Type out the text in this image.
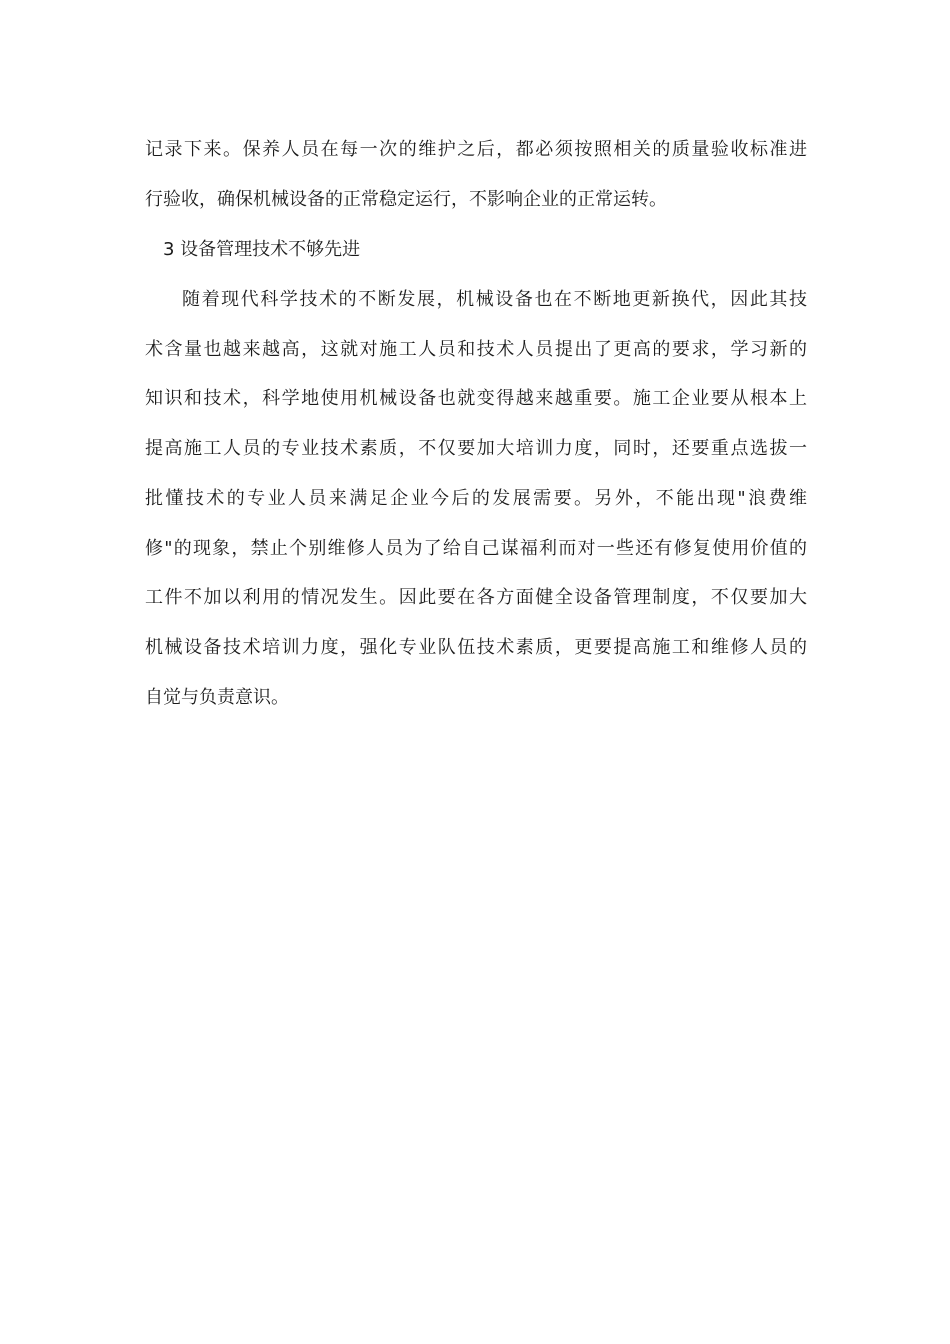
记录下来。保养人员在每一次的维护之后，都必须按照相关的质量验收标准进
行验收，确保机械设备的正常稳定运行，不影响企业的正常运转。
3 设备管理技术不够先进
随着现代科学技术的不断发展，机械设备也在不断地更新换代，因此其技
术含量也越来越高，这就对施工人员和技术人员提出了更高的要求，学习新的
知识和技术，科学地使用机械设备也就变得越来越重要。施工企业要从根本上
提高施工人员的专业技术素质，不仅要加大培训力度，同时，还要重点选拔一
批懂技术的专业人员来满足企业今后的发展需要。另外，不能出现"浪费维
修"的现象，禁止个别维修人员为了给自己谋福利而对一些还有修复使用价值的
工件不加以利用的情况发生。因此要在各方面健全设备管理制度，不仅要加大
机械设备技术培训力度，强化专业队伍技术素质，更要提高施工和维修人员的
自觉与负责意识。
